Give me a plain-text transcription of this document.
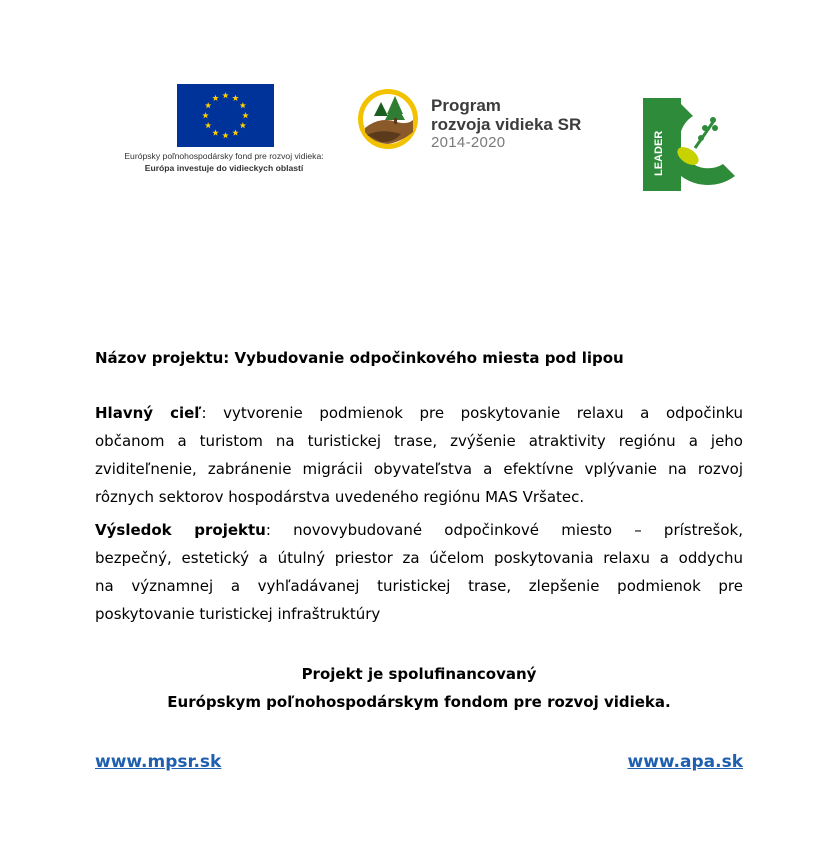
Európsky poľnohospodársky fond pre rozvoj vidieka:
Európa investuje do vidieckych oblastí
Program
rozvoja vidieka SR
2014-2020	LEADER
Názov projektu: Vybudovanie odpočinkového miesta pod lipou
Hlavný cieľ: vytvorenie podmienok pre poskytovanie relaxu a odpočinku
občanom a turistom na turistickej trase, zvýšenie atraktivity regiónu a jeho
zviditeľnenie, zabránenie migrácii obyvateľstva a efektívne vplývanie na rozvoj
rôznych sektorov hospodárstva uvedeného regiónu MAS Vršatec.
Výsledok projektu: novovybudované odpočinkové miesto – prístrešok,
bezpečný, estetický a útulný priestor za účelom poskytovania relaxu a oddychu
na významnej a vyhľadávanej turistickej trase, zlepšenie podmienok pre
poskytovanie turistickej infraštruktúry
Projekt je spolufinancovaný
Európskym poľnohospodárskym fondom pre rozvoj vidieka.
www.mpsr.sk	www.apa.sk
